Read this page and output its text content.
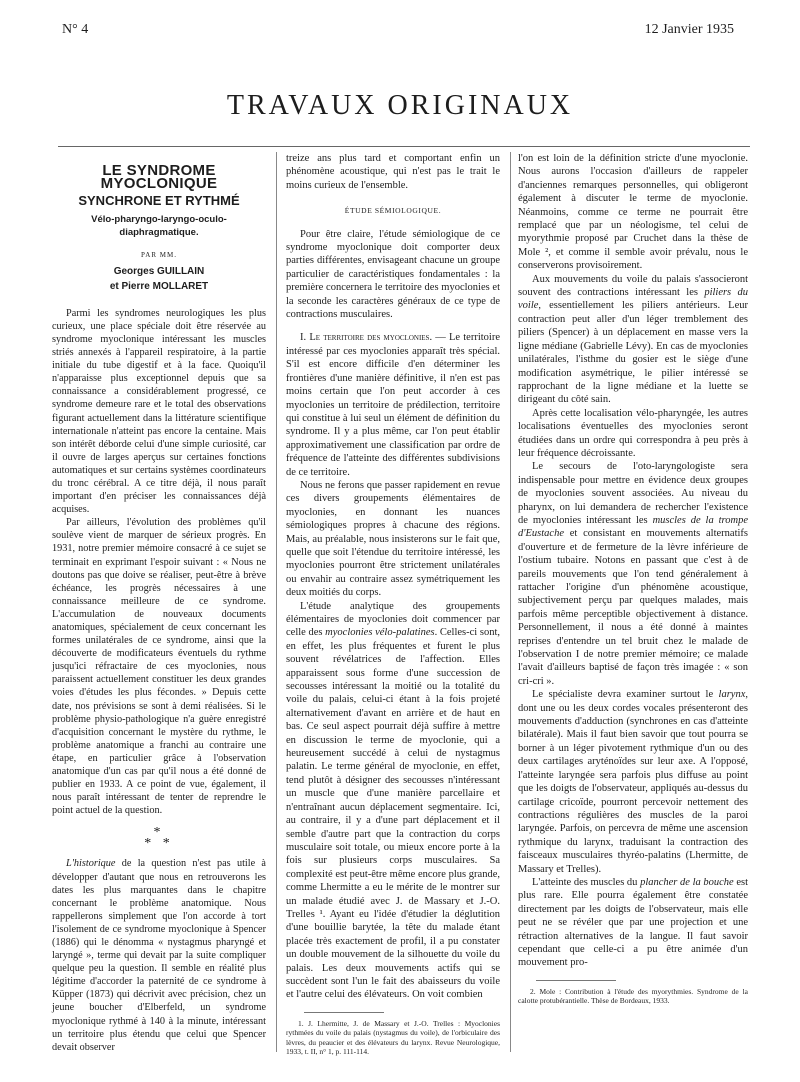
N° 4	12 Janvier 1935
TRAVAUX ORIGINAUX
LE SYNDROME MYOCLONIQUE
SYNCHRONE ET RYTHMÉ
Vélo-pharyngo-laryngo-oculo-diaphragmatique.
PAR MM.
Georges GUILLAIN
et Pierre MOLLARET

Parmi les syndromes neurologiques les plus curieux, une place spéciale doit être réservée au syndrome myoclonique intéressant les muscles striés annexés à l'appareil respiratoire, à la partie initiale du tube digestif et à la face. Quoiqu'il n'apparaisse plus exceptionnel depuis que sa connaissance a considérablement progressé, ce syndrome demeure rare et le total des observations figurant actuellement dans la littérature scientifique internationale n'atteint pas encore la centaine. Mais son intérêt déborde celui d'une simple curiosité, car il ouvre de larges aperçus sur certaines fonctions automatiques et sur certains systèmes coordinateurs du tronc cérébral. A ce titre déjà, il nous paraît important d'en préciser les connaissances déjà acquises.

Par ailleurs, l'évolution des problèmes qu'il soulève vient de marquer de sérieux progrès. En 1931, notre premier mémoire consacré à ce sujet se terminait en exprimant l'espoir suivant : « Nous ne doutons pas que doive se réaliser, peut-être à brève échéance, les progrès nécessaires à une connaissance meilleure de ce syndrome. L'accumulation de nouveaux documents anatomiques, spécialement de ceux concernant les formes unilatérales de ce syndrome, ainsi que la découverte de modificateurs éventuels du rythme jusqu'ici réfractaire de ces myoclonies, nous paraissent actuellement constituer les deux grandes voies d'études les plus fécondes. » Depuis cette date, nos prévisions se sont à demi réalisées. Si le problème physio-pathologique n'a guère enregistré d'acquisition concernant le mystère du rythme, le problème anatomique a franchi au contraire une étape, en particulier grâce à l'observation anatomique d'un cas par qu'il nous a été donné de publier en 1933. A ce point de vue, également, il nous paraît intéressant de tenter de reprendre le point actuel de la question.

*
* *

L'historique de la question n'est pas utile à développer d'autant que nous en retrouverons les dates les plus marquantes dans le chapitre concernant le problème anatomique. Nous rappellerons simplement que l'on accorde à tort l'isolement de ce syndrome myoclonique à Spencer (1886) qui le dénomma « nystagmus pharyngé et laryngé », terme qui devait par la suite compliquer quelque peu la question. Il semble en réalité plus légitime d'accorder la paternité de ce syndrome à Küpper (1873) qui décrivit avec précision, chez un jeune boucher d'Elberfeld, un syndrome myoclonique rythmé à 140 à la minute, intéressant un territoire plus étendu que celui que Spencer devait observer

treize ans plus tard et comportant enfin un phénomène acoustique, qui n'est pas le trait le moins curieux de l'ensemble.

ÉTUDE SÉMIOLOGIQUE.

Pour être claire, l'étude sémiologique de ce syndrome myoclonique doit comporter deux parties différentes, envisageant chacune un groupe particulier de caractéristiques fondamentales : la première concernera le territoire des myoclonies et la seconde les caractères généraux de ce type de contractions musculaires.

I. Le territoire des myoclonies. — Le territoire intéressé par ces myoclonies apparaît très spécial. S'il est encore difficile d'en déterminer les frontières d'une manière définitive, il n'en est pas moins certain que l'on peut accorder à ces myoclonies un territoire de prédilection, territoire qui constitue à lui seul un élément de définition du syndrome. Il y a plus même, car l'on peut établir approximativement une classification par ordre de fréquence de l'atteinte des différentes subdivisions de ce territoire.

Nous ne ferons que passer rapidement en revue ces divers groupements élémentaires de myoclonies, en donnant les nuances sémiologiques propres à chacune des régions. Mais, au préalable, nous insisterons sur le fait que, quelle que soit l'étendue du territoire intéressé, les myoclonies pourront être strictement unilatérales ou envahir au contraire assez symétriquement les deux moitiés du corps.

L'étude analytique des groupements élémentaires de myoclonies doit commencer par celle des myoclonies vélo-palatines. Celles-ci sont, en effet, les plus fréquentes et furent le plus souvent révélatrices de l'affection. Elles apparaissent sous forme d'une succession de secousses intéressant la moitié ou la totalité du voile du palais, celui-ci étant à la fois projeté alternativement d'avant en arrière et de haut en bas. Ce seul aspect pourrait déjà suffire à mettre en discussion le terme de myoclonie, qui a heureusement succédé à celui de nystagmus palatin. Le terme général de myoclonie, en effet, tend plutôt à désigner des secousses n'intéressant un muscle que d'une manière parcellaire et n'entraînant aucun déplacement segmentaire. Ici, au contraire, il y a d'une part déplacement et il semble d'autre part que la contraction du corps musculaire soit totale, ou mieux encore porte à la fois sur plusieurs corps musculaires. Sa complexité est peut-être même encore plus grande, comme Lhermitte a eu le mérite de le montrer sur un malade étudié avec J. de Massary et J.-O. Trelles ¹. Ayant eu l'idée d'étudier la déglutition d'une bouillie barytée, la tête du malade étant placée très exactement de profil, il a pu constater un double mouvement de la silhouette du voile du palais. Les deux mouvements actifs qui se succèdent sont l'un le fait des abaisseurs du voile et l'autre celui des élévateurs. On voit combien

1. J. Lhermitte, J. de Massary et J.-O. Trelles : Myoclonies rythmées du voile du palais (nystagmus du voile), de l'orbiculaire des lèvres, du peaucier et des élévateurs du larynx. Revue Neurologique, 1933, t. II, n° 1, p. 111-114.

l'on est loin de la définition stricte d'une myoclonie. Nous aurons l'occasion d'ailleurs de rappeler d'anciennes remarques personnelles, qui obligeront également à discuter le terme de myoclonie. Néanmoins, comme ce terme ne pourrait être remplacé que par un néologisme, tel celui de myorythmie proposé par Cruchet dans la thèse de Mole ², et comme il semble avoir prévalu, nous le conserverons provisoirement.

Aux mouvements du voile du palais s'associeront souvent des contractions intéressant les piliers du voile, essentiellement les piliers antérieurs. Leur contraction peut aller d'un léger tremblement des piliers (Spencer) à un déplacement en masse vers la ligne médiane (Gabrielle Lévy). En cas de myoclonies unilatérales, l'isthme du gosier est le siège d'une modification asymétrique, le pilier intéressé se rapprochant de la ligne médiane et la luette se dirigeant du côté sain.

Après cette localisation vélo-pharyngée, les autres localisations éventuelles des myoclonies seront étudiées dans un ordre qui correspondra à peu près à leur fréquence décroissante.

Le secours de l'oto-laryngologiste sera indispensable pour mettre en évidence deux groupes de myoclonies souvent associées. Au niveau du pharynx, on lui demandera de rechercher l'existence de myoclonies intéressant les muscles de la trompe d'Eustache et consistant en mouvements alternatifs d'ouverture et de fermeture de la lèvre inférieure de l'ostium tubaire. Notons en passant que c'est à de pareils mouvements que l'on tend généralement à rattacher l'origine d'un phénomène acoustique, subjectivement perçu par quelques malades, mais parfois même perceptible objectivement à distance. Personnellement, il nous a été donné à maintes reprises d'entendre un tel bruit chez le malade de l'observation I de notre premier mémoire; ce malade l'avait d'ailleurs baptisé de façon très imagée : « son cri-cri ».

Le spécialiste devra examiner surtout le larynx, dont une ou les deux cordes vocales présenteront des mouvements d'adduction (synchrones en cas d'atteinte bilatérale). Mais il faut bien savoir que tout pourra se borner à un léger pivotement rythmique d'un ou des deux cartilages aryténoïdes sur leur axe. A l'opposé, l'atteinte laryngée sera parfois plus diffuse au point que les doigts de l'observateur, appliqués au-dessus du cartilage cricoïde, pourront percevoir nettement des contractions régulières des muscles de la paroi laryngée. Parfois, on percevra de même une ascension rythmique du larynx, traduisant la contraction des faisceaux musculaires thyréo-palatins (Lhermitte, de Massary et Trelles).

L'atteinte des muscles du plancher de la bouche est plus rare. Elle pourra également être constatée directement par les doigts de l'observateur, mais elle peut ne se révéler que par une projection et une rétraction alternatives de la langue. Il faut savoir cependant que celle-ci a pu être animée d'un mouvement pro-

2. Mole : Contribution à l'étude des myorythmies. Syndrome de la calotte protubérantielle. Thèse de Bordeaux, 1933.
